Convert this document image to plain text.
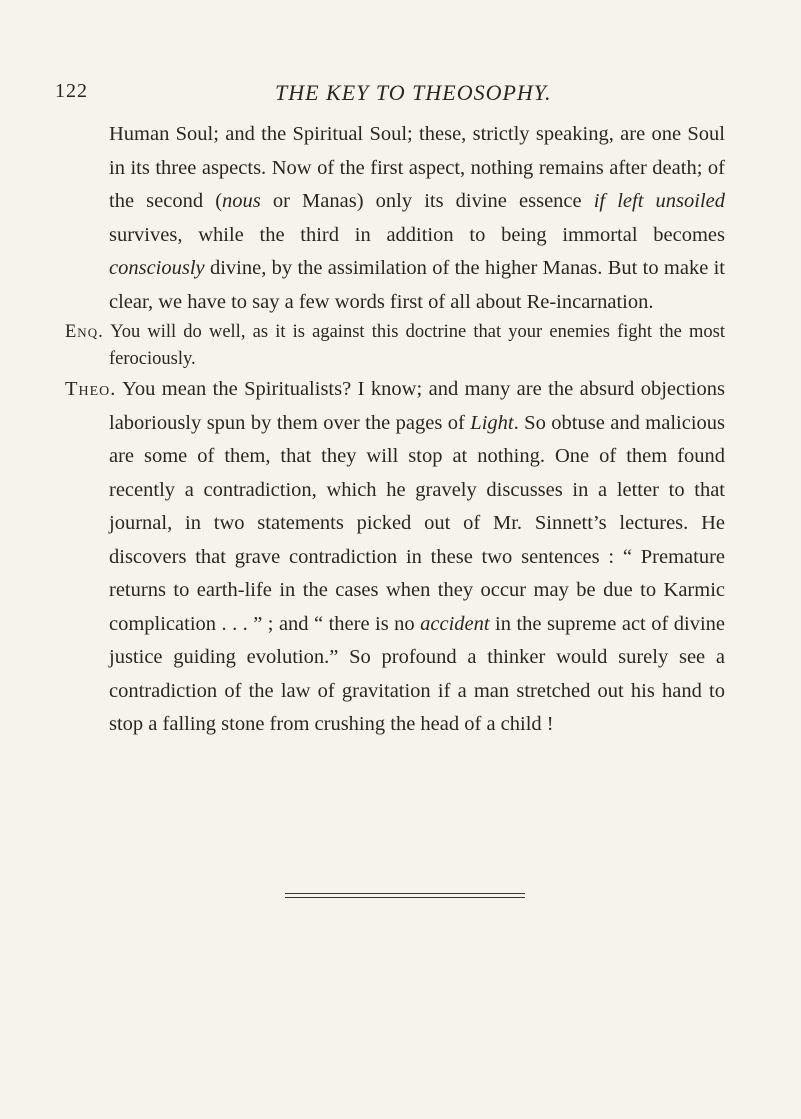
122	THE KEY TO THEOSOPHY.

Human Soul; and the Spiritual Soul; these, strictly speaking, are one Soul in its three aspects. Now of the first aspect, nothing remains after death; of the second (nous or Manas) only its divine essence if left unsoiled survives, while the third in addition to being immortal becomes consciously divine, by the assimilation of the higher Manas. But to make it clear, we have to say a few words first of all about Re-incarnation.

Enq. You will do well, as it is against this doctrine that your enemies fight the most ferociously.

Theo. You mean the Spiritualists? I know; and many are the absurd objections laboriously spun by them over the pages of Light. So obtuse and malicious are some of them, that they will stop at nothing. One of them found recently a contradiction, which he gravely discusses in a letter to that journal, in two statements picked out of Mr. Sinnett’s lectures. He discovers that grave contradiction in these two sentences : “ Premature returns to earth-life in the cases when they occur may be due to Karmic complication . . . ” ; and “ there is no accident in the supreme act of divine justice guiding evolution.” So profound a thinker would surely see a contradiction of the law of gravitation if a man stretched out his hand to stop a falling stone from crushing the head of a child !
